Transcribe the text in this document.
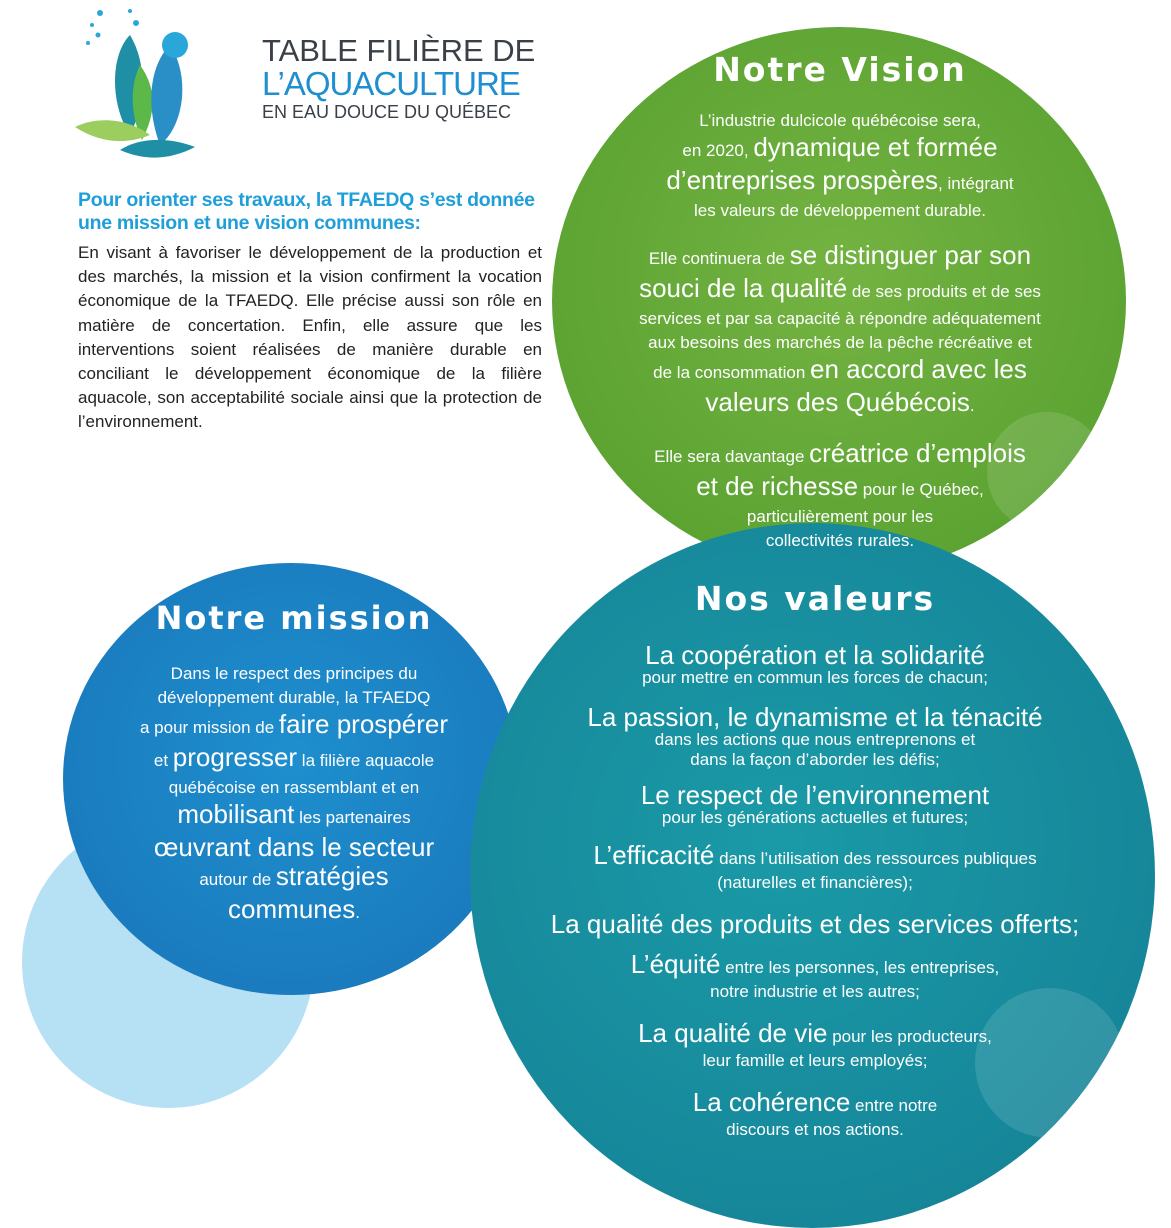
TABLE FILIÈRE DE
L’AQUACULTURE
EN EAU DOUCE DU QUÉBEC
Pour orienter ses travaux, la TFAEDQ s’est donnée une mission et une vision communes:
En visant à favoriser le développement de la production et des marchés, la mission et la vision confirment la vocation économique de la TFAEDQ. Elle précise aussi son rôle en matière de concertation. Enfin, elle assure que les interventions soient réalisées de manière durable en conciliant le développement économique de la filière aquacole, son acceptabilité sociale ainsi que la protection de l’environnement.
Notre Vision

L’industrie dulcicole québécoise sera,

en 2020, dynamique et formée

d’entreprises prospères, intégrant

les valeurs de développement durable.

Elle continuera de se distinguer par son

souci de la qualité de ses produits et de ses

services et par sa capacité à répondre adéquatement

aux besoins des marchés de la pêche récréative et

de la consommation en accord avec les

valeurs des Québécois.

Elle sera davantage créatrice d’emplois

et de richesse pour le Québec,

particulièrement pour les

collectivités rurales.

Notre mission

Dans le respect des principes du

développement durable, la TFAEDQ

a pour mission de faire prospérer

et progresser la filière aquacole

québécoise en rassemblant et en

mobilisant les partenaires

œuvrant dans le secteur

autour de stratégies

communes.

Nos valeurs

La coopération et la solidarité

pour mettre en commun les forces de chacun;

La passion, le dynamisme et la ténacité

dans les actions que nous entreprenons et

dans la façon d’aborder les défis;

Le respect de l’environnement

pour les générations actuelles et futures;

L’efficacité dans l’utilisation des ressources publiques

(naturelles et financières);

La qualité des produits et des services offerts;

L’équité entre les personnes, les entreprises,

notre industrie et les autres;

La qualité de vie pour les producteurs,

leur famille et leurs employés;

La cohérence entre notre

discours et nos actions.
